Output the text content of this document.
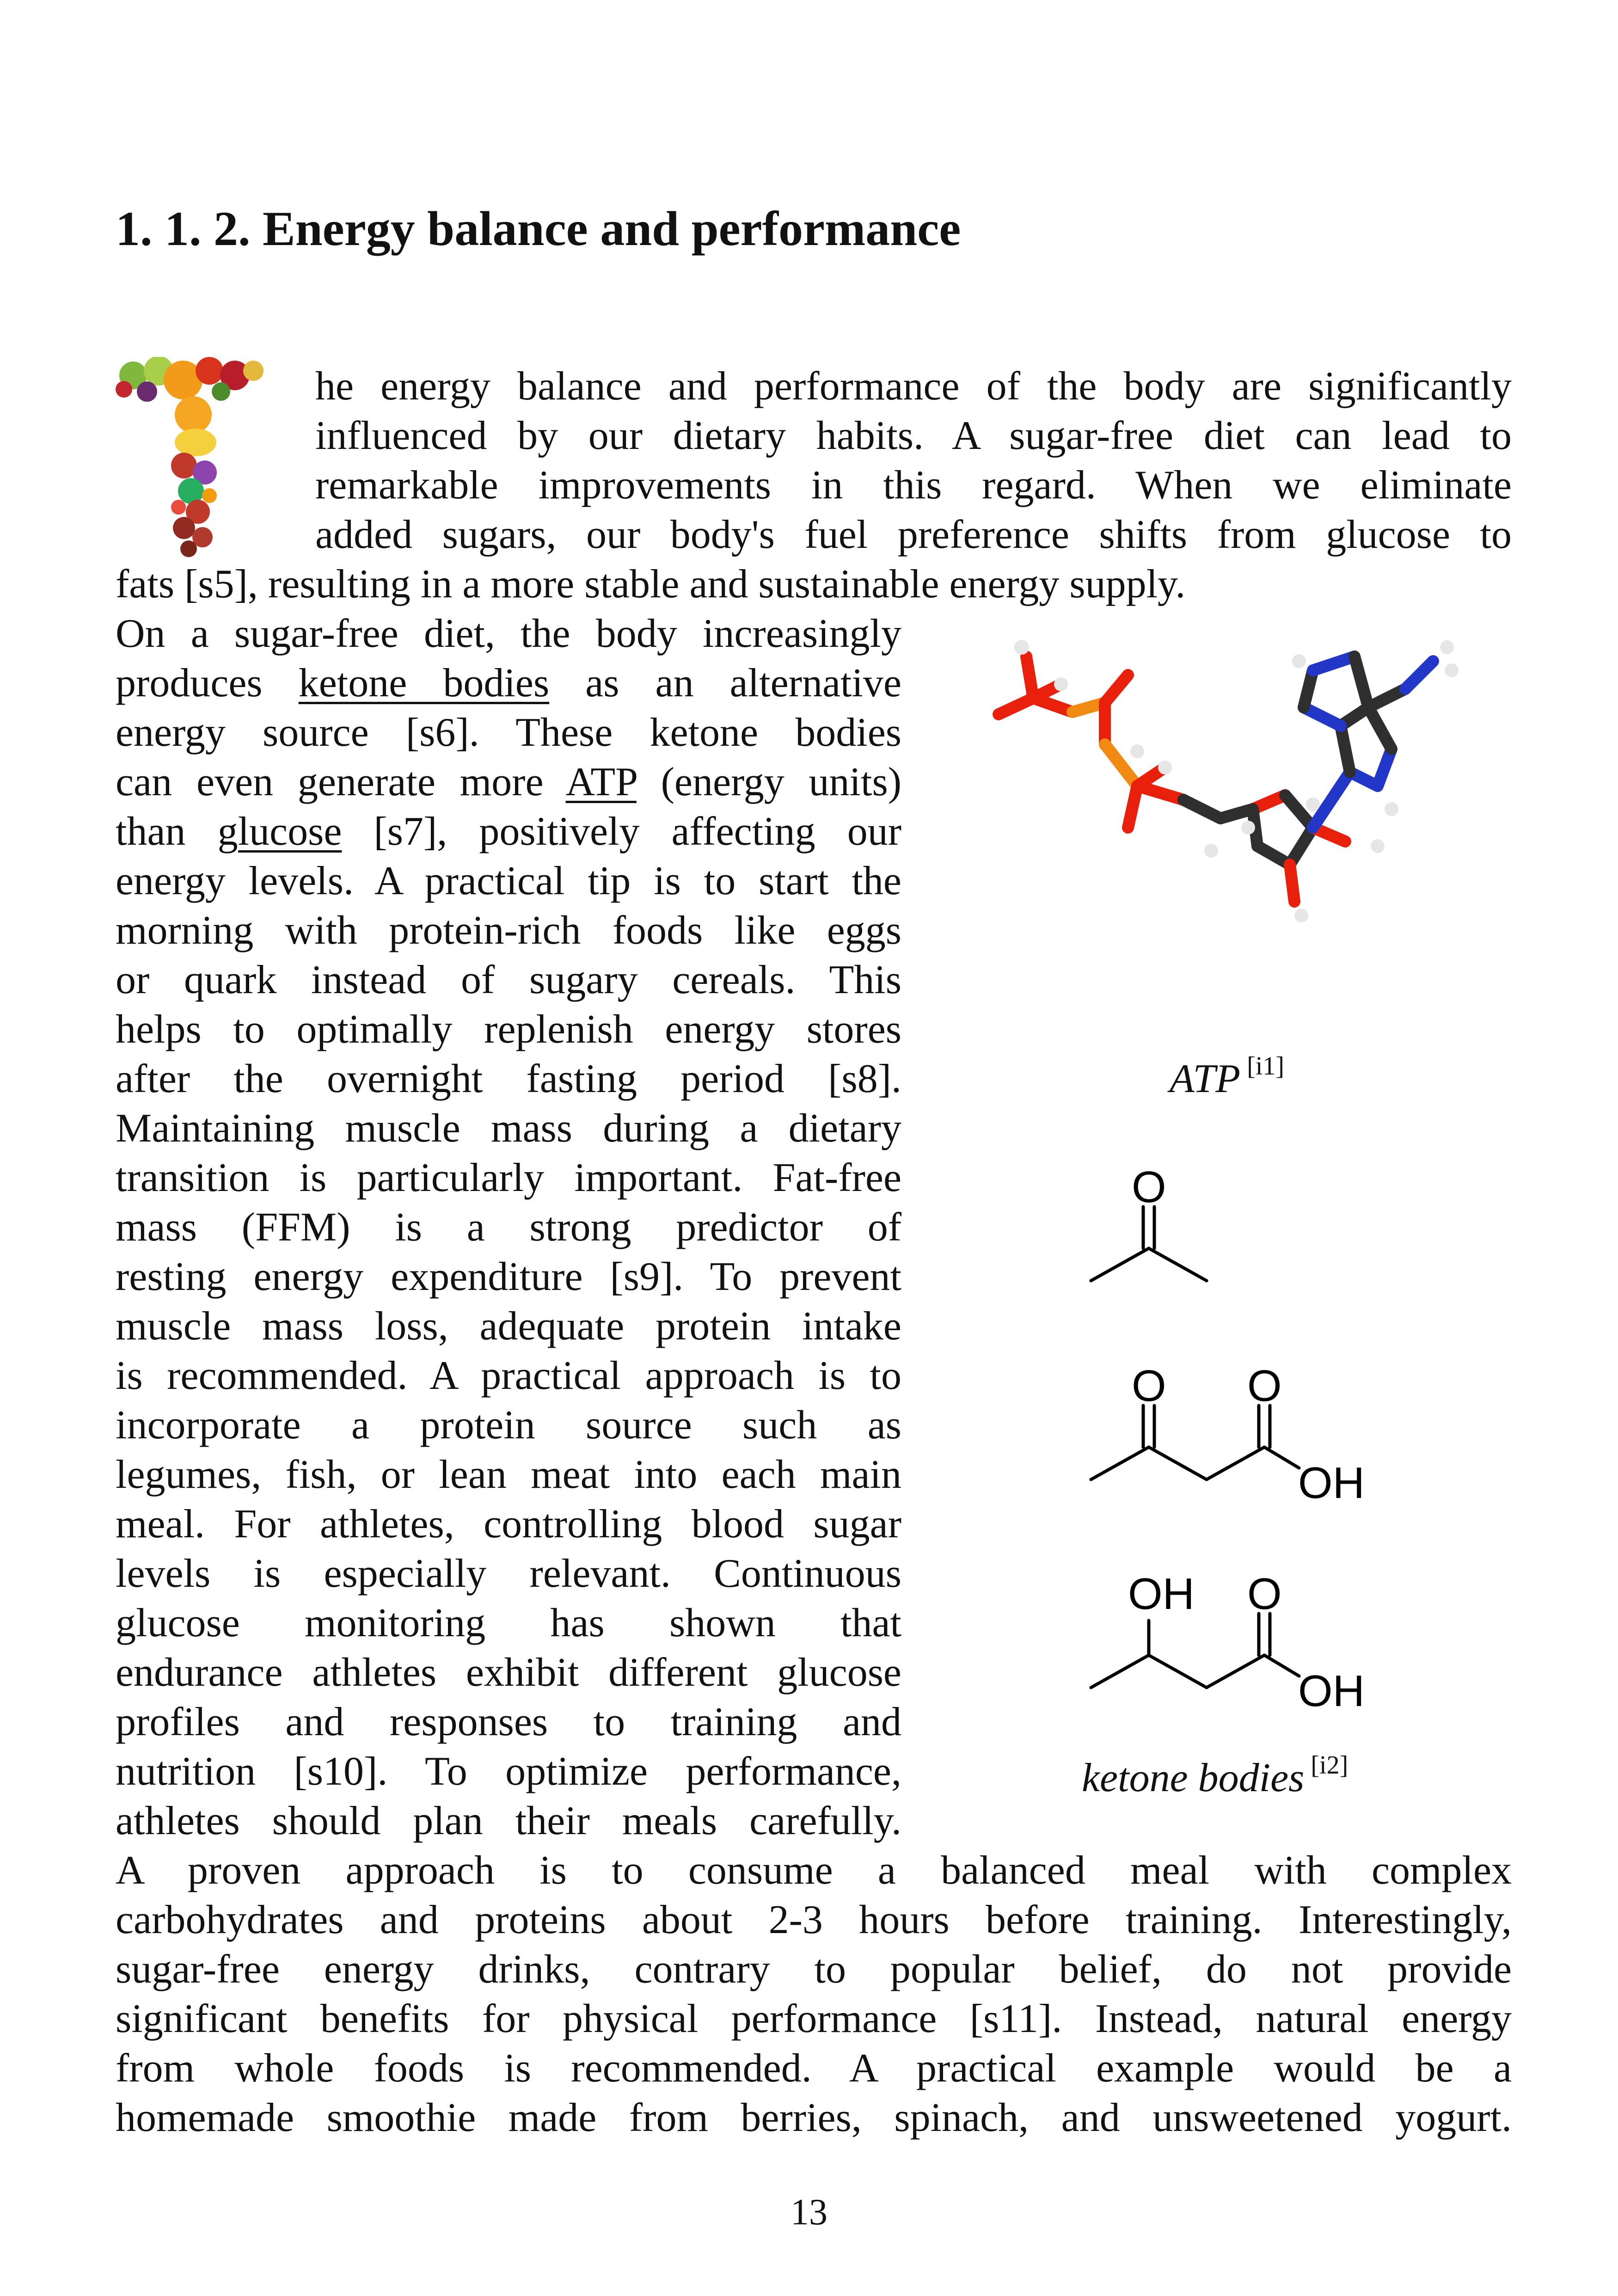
1. 1. 2. Energy balance and performance

he energy balance and performance of the body are significantly

influenced by our dietary habits. A sugar-free diet can lead to

remarkable improvements in this regard. When we eliminate

added sugars, our body's fuel preference shifts from glucose to

fats [s5], resulting in a more stable and sustainable energy supply.

On a sugar-free diet, the body increasingly

produces ketone bodies as an alternative

energy source [s6]. These ketone bodies

can even generate more ATP (energy units)

than glucose [s7], positively affecting our

energy levels. A practical tip is to start the

morning with protein-rich foods like eggs

or quark instead of sugary cereals. This

helps to optimally replenish energy stores

after the overnight fasting period [s8].

Maintaining muscle mass during a dietary

transition is particularly important. Fat-free

mass (FFM) is a strong predictor of

resting energy expenditure [s9]. To prevent

muscle mass loss, adequate protein intake

is recommended. A practical approach is to

incorporate a protein source such as

legumes, fish, or lean meat into each main

meal. For athletes, controlling blood sugar

levels is especially relevant. Continuous

glucose monitoring has shown that

endurance athletes exhibit different glucose

profiles and responses to training and

nutrition [s10]. To optimize performance,

athletes should plan their meals carefully.

A proven approach is to consume a balanced meal with complex

carbohydrates and proteins about 2-3 hours before training. Interestingly,

sugar-free energy drinks, contrary to popular belief, do not provide

significant benefits for physical performance [s11]. Instead, natural energy

from whole foods is recommended. A practical example would be a

homemade smoothie made from berries, spinach, and unsweetened yogurt.

ATP [i1]

O
O O
OH
OH O
OH

ketone bodies [i2]

13
